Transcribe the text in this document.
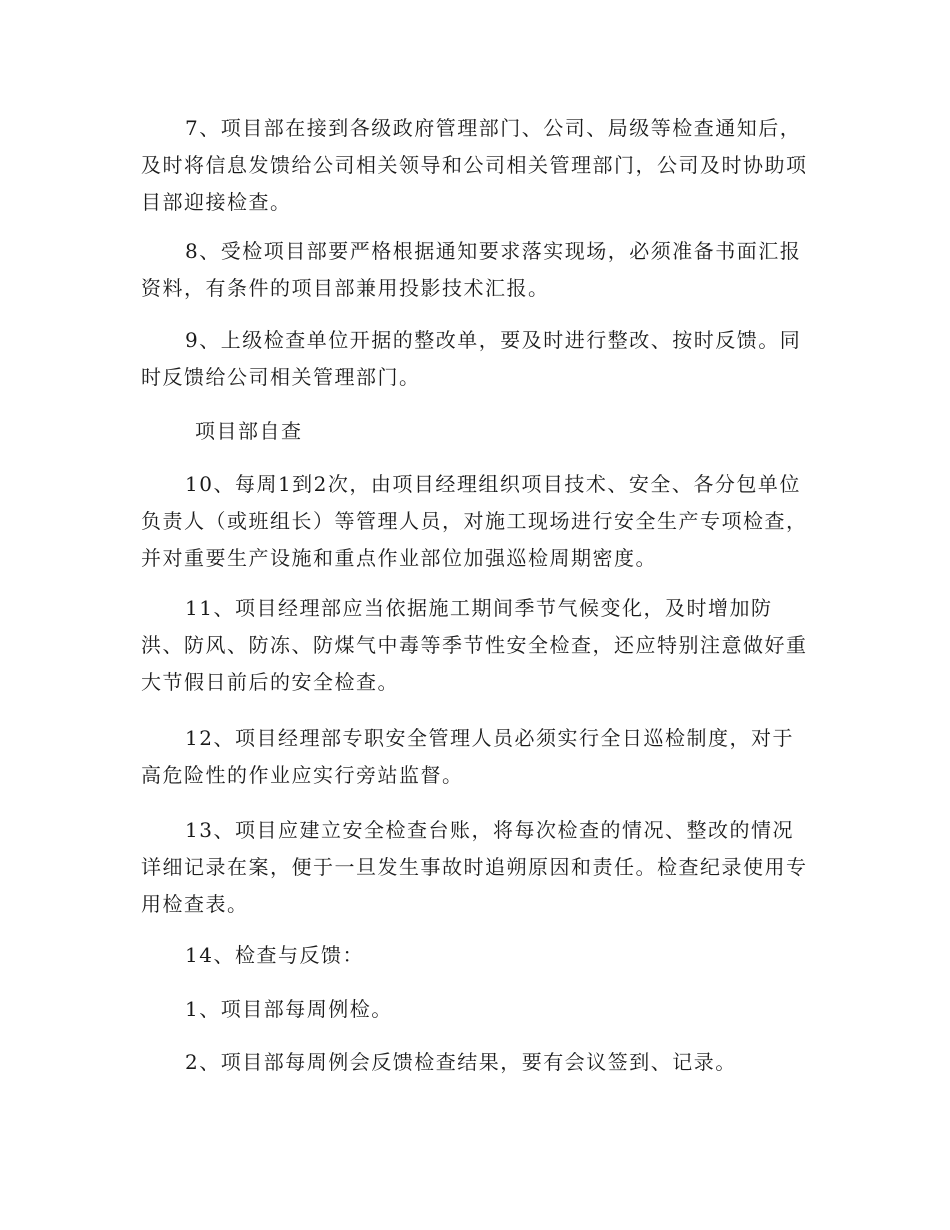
7、项目部在接到各级政府管理部门、公司、局级等检查通知后，及时将信息发馈给公司相关领导和公司相关管理部门，公司及时协助项目部迎接检查。

8、受检项目部要严格根据通知要求落实现场，必须准备书面汇报资料，有条件的项目部兼用投影技术汇报。

9、上级检查单位开据的整改单，要及时进行整改、按时反馈。同时反馈给公司相关管理部门。

项目部自查

10、每周1到2次，由项目经理组织项目技术、安全、各分包单位负责人（或班组长）等管理人员，对施工现场进行安全生产专项检查，并对重要生产设施和重点作业部位加强巡检周期密度。

11、项目经理部应当依据施工期间季节气候变化，及时增加防洪、防风、防冻、防煤气中毒等季节性安全检查，还应特别注意做好重大节假日前后的安全检查。

12、项目经理部专职安全管理人员必须实行全日巡检制度，对于高危险性的作业应实行旁站监督。

13、项目应建立安全检查台账，将每次检查的情况、整改的情况详细记录在案，便于一旦发生事故时追朔原因和责任。检查纪录使用专用检查表。

14、检查与反馈：

1、项目部每周例检。

2、项目部每周例会反馈检查结果，要有会议签到、记录。
